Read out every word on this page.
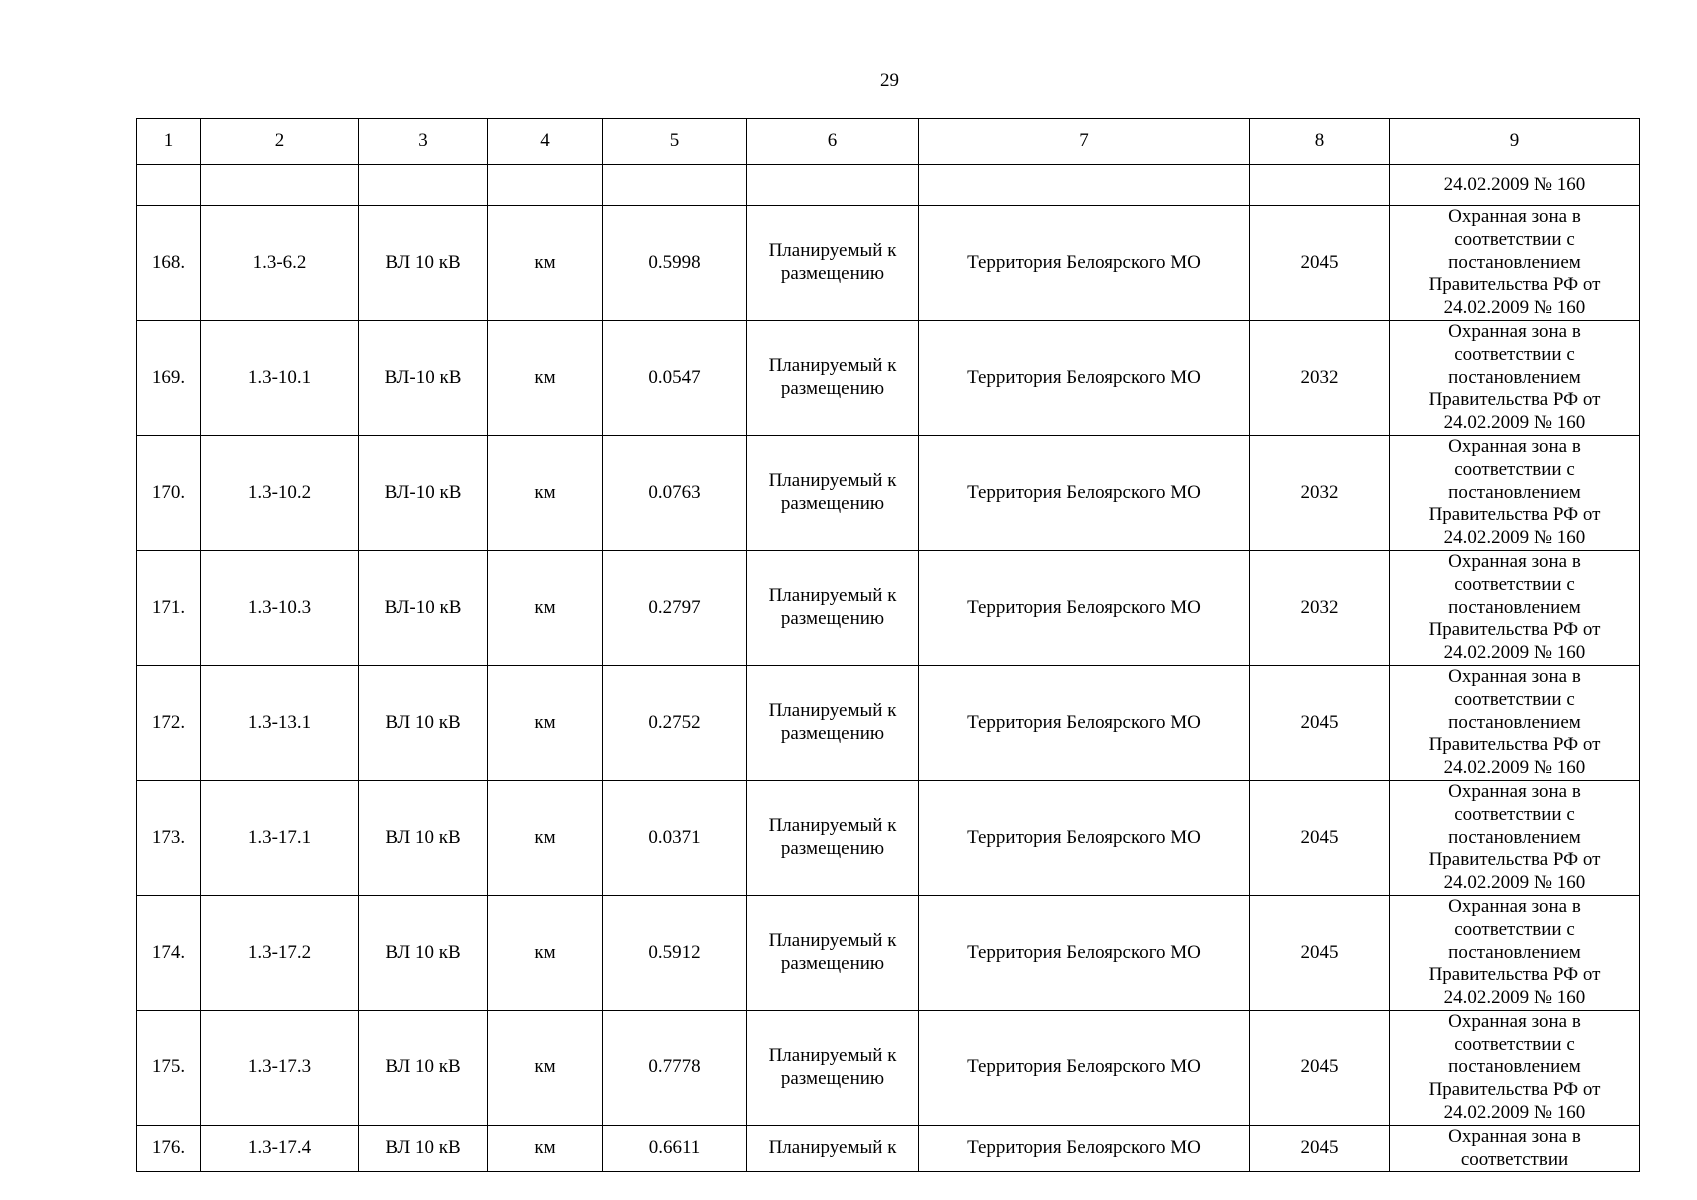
29
1	2	3	4	5	6	7	8	9
								24.02.2009 № 160
168.	1.3-6.2	ВЛ 10 кВ	км	0.5998	Планируемый к размещению	Территория Белоярского МО	2045	Охранная зона в соответствии с постановлением Правительства РФ от 24.02.2009 № 160
169.	1.3-10.1	ВЛ-10 кВ	км	0.0547	Планируемый к размещению	Территория Белоярского МО	2032	Охранная зона в соответствии с постановлением Правительства РФ от 24.02.2009 № 160
170.	1.3-10.2	ВЛ-10 кВ	км	0.0763	Планируемый к размещению	Территория Белоярского МО	2032	Охранная зона в соответствии с постановлением Правительства РФ от 24.02.2009 № 160
171.	1.3-10.3	ВЛ-10 кВ	км	0.2797	Планируемый к размещению	Территория Белоярского МО	2032	Охранная зона в соответствии с постановлением Правительства РФ от 24.02.2009 № 160
172.	1.3-13.1	ВЛ 10 кВ	км	0.2752	Планируемый к размещению	Территория Белоярского МО	2045	Охранная зона в соответствии с постановлением Правительства РФ от 24.02.2009 № 160
173.	1.3-17.1	ВЛ 10 кВ	км	0.0371	Планируемый к размещению	Территория Белоярского МО	2045	Охранная зона в соответствии с постановлением Правительства РФ от 24.02.2009 № 160
174.	1.3-17.2	ВЛ 10 кВ	км	0.5912	Планируемый к размещению	Территория Белоярского МО	2045	Охранная зона в соответствии с постановлением Правительства РФ от 24.02.2009 № 160
175.	1.3-17.3	ВЛ 10 кВ	км	0.7778	Планируемый к размещению	Территория Белоярского МО	2045	Охранная зона в соответствии с постановлением Правительства РФ от 24.02.2009 № 160
176.	1.3-17.4	ВЛ 10 кВ	км	0.6611	Планируемый к	Территория Белоярского МО	2045	Охранная зона в соответствии
